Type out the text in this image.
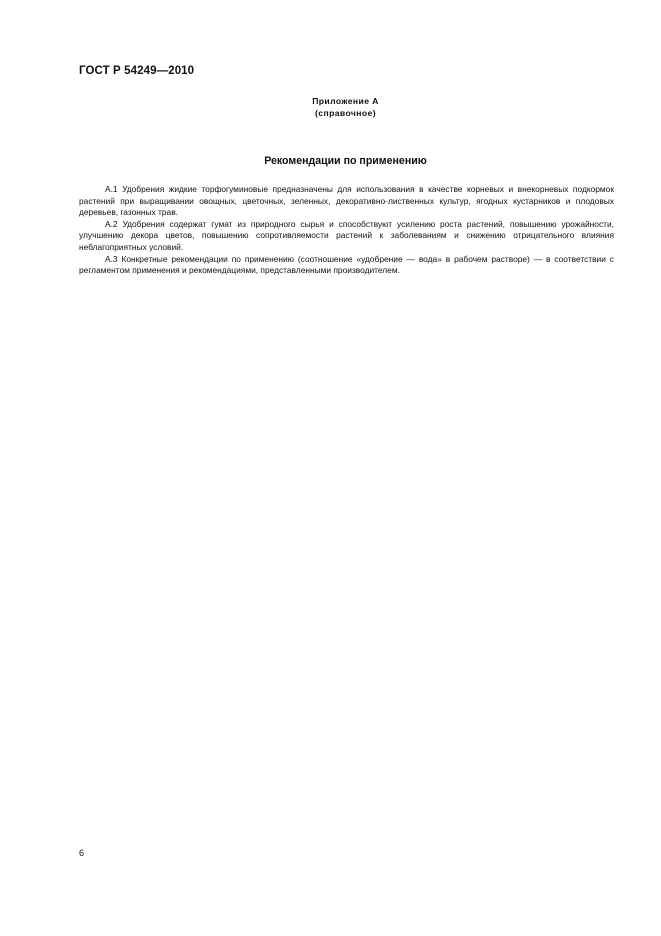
ГОСТ Р 54249—2010
Приложение А
(справочное)
Рекомендации по применению

А.1 Удобрения жидкие торфогуминовые предназначены для использования в качестве корневых и внекорневых подкормок растений при выращивании овощных, цветочных, зеленных, декоративно-лиственных культур, ягодных кустарников и плодовых деревьев, газонных трав.

А.2 Удобрения содержат гумат из природного сырья и способствуют усилению роста растений, повышению урожайности, улучшению декора цветов, повышению сопротивляемости растений к заболеваниям и снижению отрицательного влияния неблагоприятных условий.

А.3 Конкретные рекомендации по применению (соотношение «удобрение — вода» в рабочем растворе) — в соответствии с регламентом применения и рекомендациями, представленными производителем.

6
